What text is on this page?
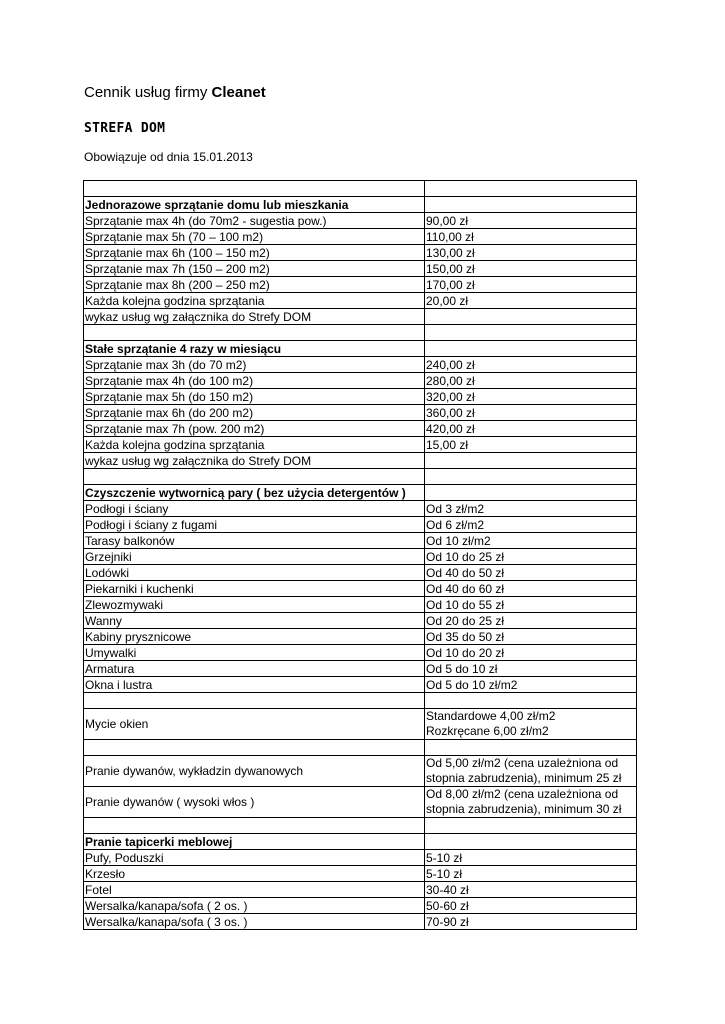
Cennik usług firmy Cleanet
STREFA DOM
Obowiązuje od dnia 15.01.2013

Jednorazowe sprzątanie domu lub mieszkania	
Sprzątanie max 4h (do 70m2 - sugestia pow.)	90,00 zł
Sprzątanie max 5h (70 – 100 m2)	110,00 zł
Sprzątanie max 6h (100 – 150 m2)	130,00 zł
Sprzątanie max 7h (150 – 200 m2)	150,00 zł
Sprzątanie max 8h (200 – 250 m2)	170,00 zł
Każda kolejna godzina sprzątania	20,00 zł
wykaz usług wg załącznika do Strefy DOM	

Stałe sprzątanie 4 razy w miesiącu	
Sprzątanie max 3h (do 70 m2)	240,00 zł
Sprzątanie max 4h (do 100 m2)	280,00 zł
Sprzątanie max 5h (do 150 m2)	320,00 zł
Sprzątanie max 6h (do 200 m2)	360,00 zł
Sprzątanie max 7h (pow. 200 m2)	420,00 zł
Każda kolejna godzina sprzątania	15,00 zł
wykaz usług wg załącznika do Strefy DOM	

Czyszczenie wytwornicą pary ( bez użycia detergentów )	
Podłogi i ściany	Od 3 zł/m2
Podłogi i ściany z fugami	Od 6 zł/m2
Tarasy balkonów	Od 10 zł/m2
Grzejniki	Od 10 do 25 zł
Lodówki	Od 40 do 50 zł
Piekarniki i kuchenki	Od 40 do 60 zł
Zlewozmywaki	Od 10 do 55 zł
Wanny	Od 20 do 25 zł
Kabiny prysznicowe	Od 35 do 50 zł
Umywalki	Od 10 do 20 zł
Armatura	Od 5 do 10 zł
Okna i lustra	Od 5 do 10 zł/m2

Mycie okien	Standardowe 4,00 zł/m2
Rozkręcane 6,00 zł/m2

Pranie dywanów, wykładzin dywanowych	Od 5,00 zł/m2 (cena uzależniona od
stopnia zabrudzenia), minimum 25 zł
Pranie dywanów ( wysoki włos )	Od 8,00 zł/m2 (cena uzależniona od
stopnia zabrudzenia), minimum 30 zł

Pranie tapicerki meblowej	
Pufy, Poduszki	5-10 zł
Krzesło	5-10 zł
Fotel	30-40 zł
Wersalka/kanapa/sofa ( 2 os. )	50-60 zł
Wersalka/kanapa/sofa ( 3 os. )	70-90 zł
